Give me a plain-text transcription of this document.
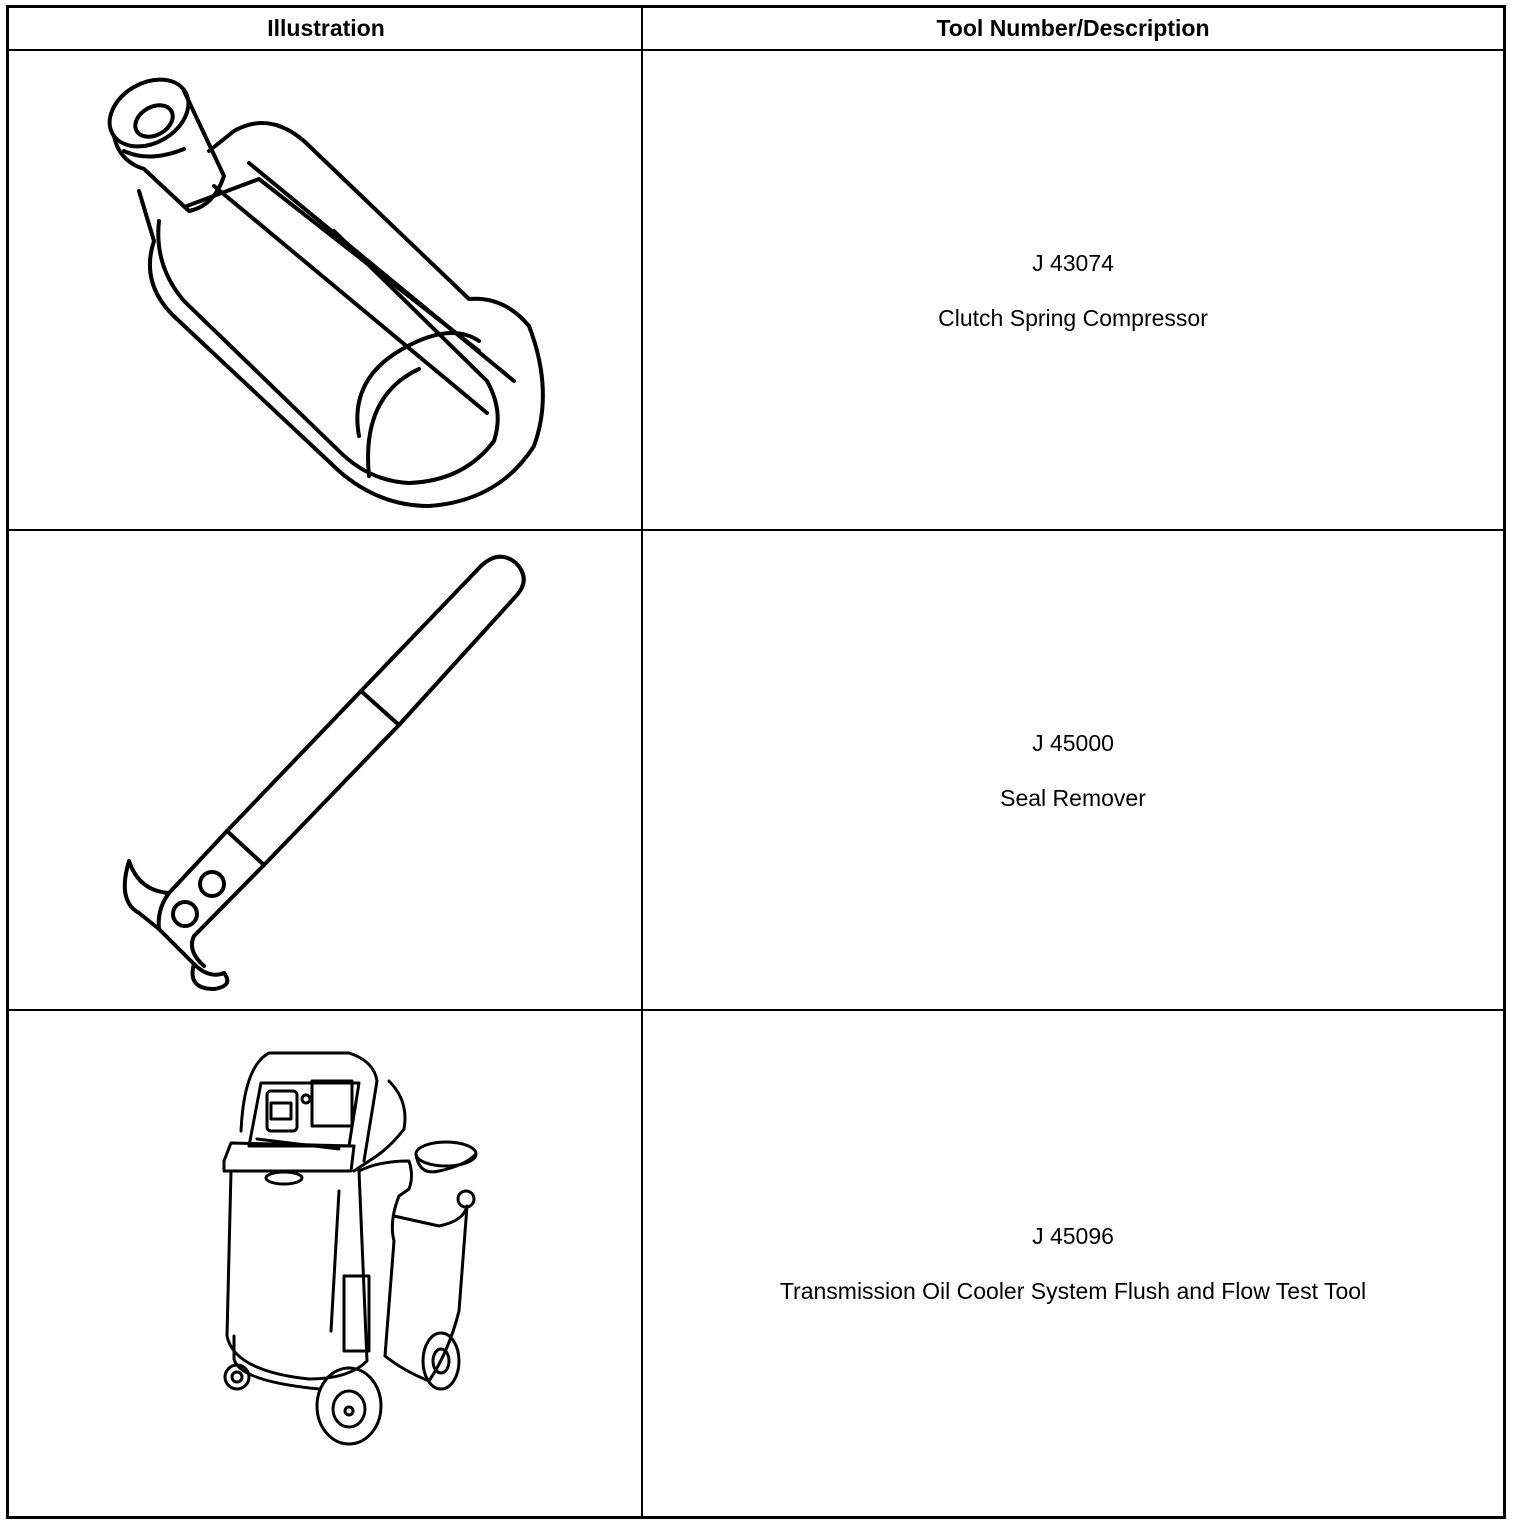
Illustration	Tool Number/Description
J 43074
Clutch Spring Compressor
J 45000
Seal Remover
J 45096
Transmission Oil Cooler System Flush and Flow Test Tool
